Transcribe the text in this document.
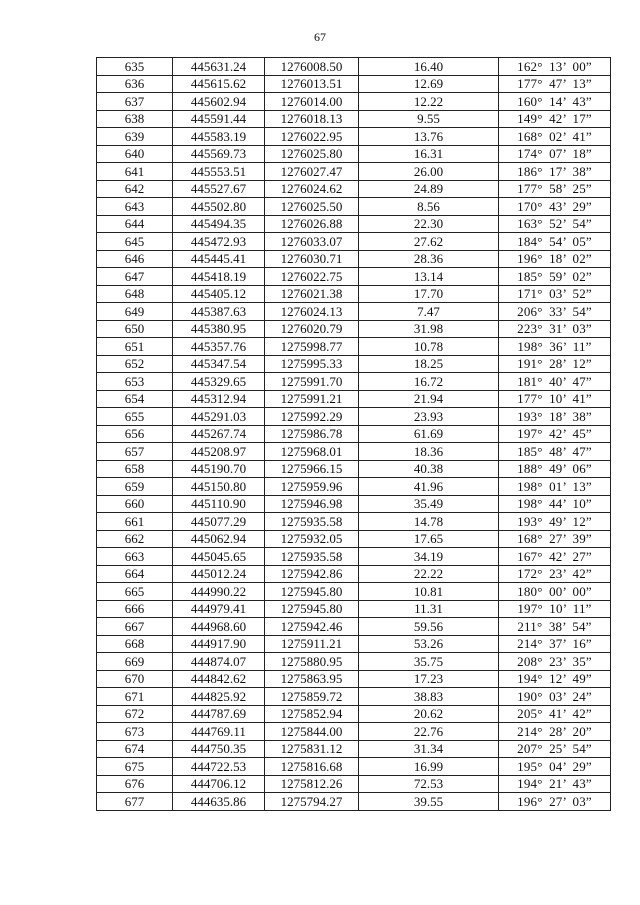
67
635	445631.24	1276008.50	16.40	162° 13’ 00”
636	445615.62	1276013.51	12.69	177° 47’ 13”
637	445602.94	1276014.00	12.22	160° 14’ 43”
638	445591.44	1276018.13	9.55	149° 42’ 17”
639	445583.19	1276022.95	13.76	168° 02’ 41”
640	445569.73	1276025.80	16.31	174° 07’ 18”
641	445553.51	1276027.47	26.00	186° 17’ 38”
642	445527.67	1276024.62	24.89	177° 58’ 25”
643	445502.80	1276025.50	8.56	170° 43’ 29”
644	445494.35	1276026.88	22.30	163° 52’ 54”
645	445472.93	1276033.07	27.62	184° 54’ 05”
646	445445.41	1276030.71	28.36	196° 18’ 02”
647	445418.19	1276022.75	13.14	185° 59’ 02”
648	445405.12	1276021.38	17.70	171° 03’ 52”
649	445387.63	1276024.13	7.47	206° 33’ 54”
650	445380.95	1276020.79	31.98	223° 31’ 03”
651	445357.76	1275998.77	10.78	198° 36’ 11”
652	445347.54	1275995.33	18.25	191° 28’ 12”
653	445329.65	1275991.70	16.72	181° 40’ 47”
654	445312.94	1275991.21	21.94	177° 10’ 41”
655	445291.03	1275992.29	23.93	193° 18’ 38”
656	445267.74	1275986.78	61.69	197° 42’ 45”
657	445208.97	1275968.01	18.36	185° 48’ 47”
658	445190.70	1275966.15	40.38	188° 49’ 06”
659	445150.80	1275959.96	41.96	198° 01’ 13”
660	445110.90	1275946.98	35.49	198° 44’ 10”
661	445077.29	1275935.58	14.78	193° 49’ 12”
662	445062.94	1275932.05	17.65	168° 27’ 39”
663	445045.65	1275935.58	34.19	167° 42’ 27”
664	445012.24	1275942.86	22.22	172° 23’ 42”
665	444990.22	1275945.80	10.81	180° 00’ 00”
666	444979.41	1275945.80	11.31	197° 10’ 11”
667	444968.60	1275942.46	59.56	211° 38’ 54”
668	444917.90	1275911.21	53.26	214° 37’ 16”
669	444874.07	1275880.95	35.75	208° 23’ 35”
670	444842.62	1275863.95	17.23	194° 12’ 49”
671	444825.92	1275859.72	38.83	190° 03’ 24”
672	444787.69	1275852.94	20.62	205° 41’ 42”
673	444769.11	1275844.00	22.76	214° 28’ 20”
674	444750.35	1275831.12	31.34	207° 25’ 54”
675	444722.53	1275816.68	16.99	195° 04’ 29”
676	444706.12	1275812.26	72.53	194° 21’ 43”
677	444635.86	1275794.27	39.55	196° 27’ 03”
